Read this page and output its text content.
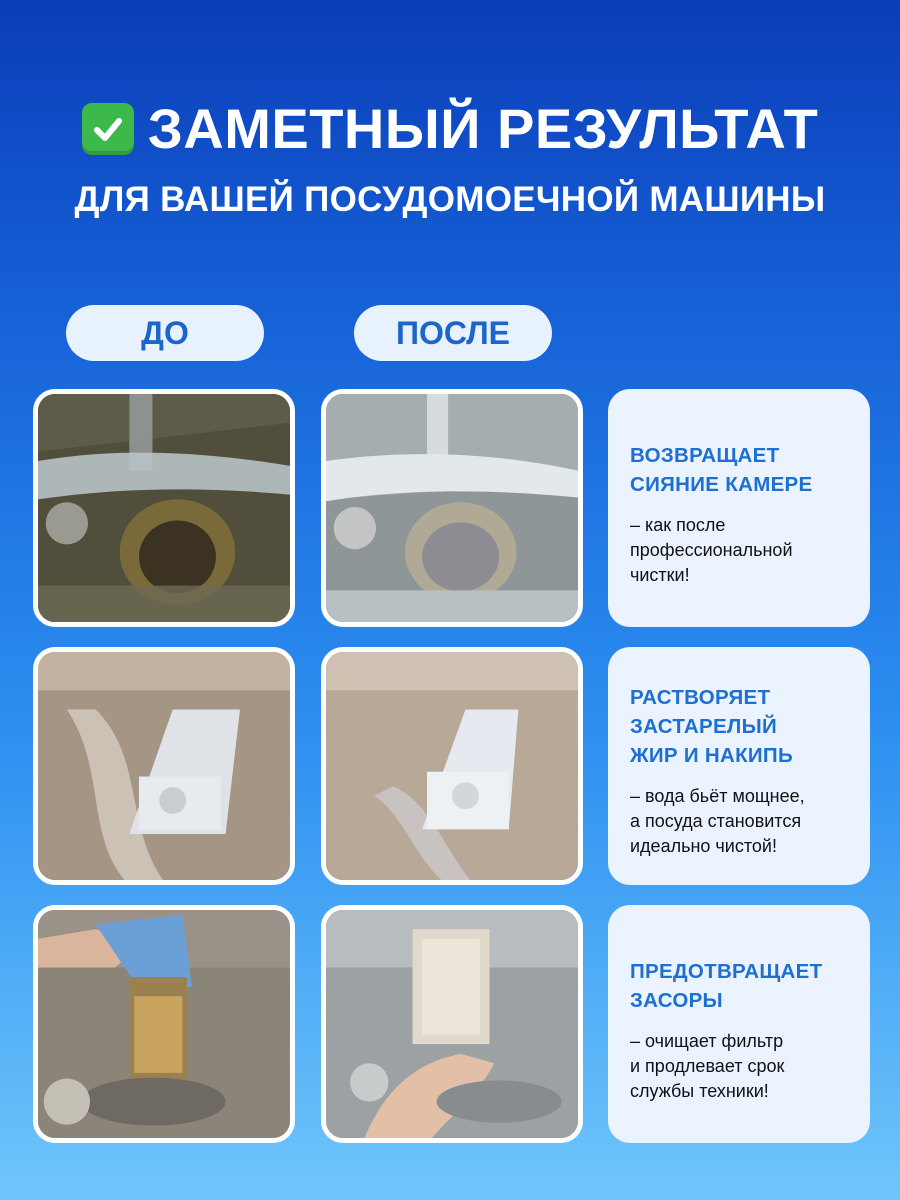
ЗАМЕТНЫЙ РЕЗУЛЬТАТ
ДЛЯ ВАШЕЙ ПОСУДОМОЕЧНОЙ МАШИНЫ
ДО	ПОСЛЕ
ВОЗВРАЩАЕТ
СИЯНИЕ КАМЕРЕ
– как после
профессиональной
чистки!
РАСТВОРЯЕТ
ЗАСТАРЕЛЫЙ
ЖИР И НАКИПЬ
– вода бьёт мощнее,
а посуда становится
идеально чистой!
ПРЕДОТВРАЩАЕТ
ЗАСОРЫ
– очищает фильтр
и продлевает срок
службы техники!
